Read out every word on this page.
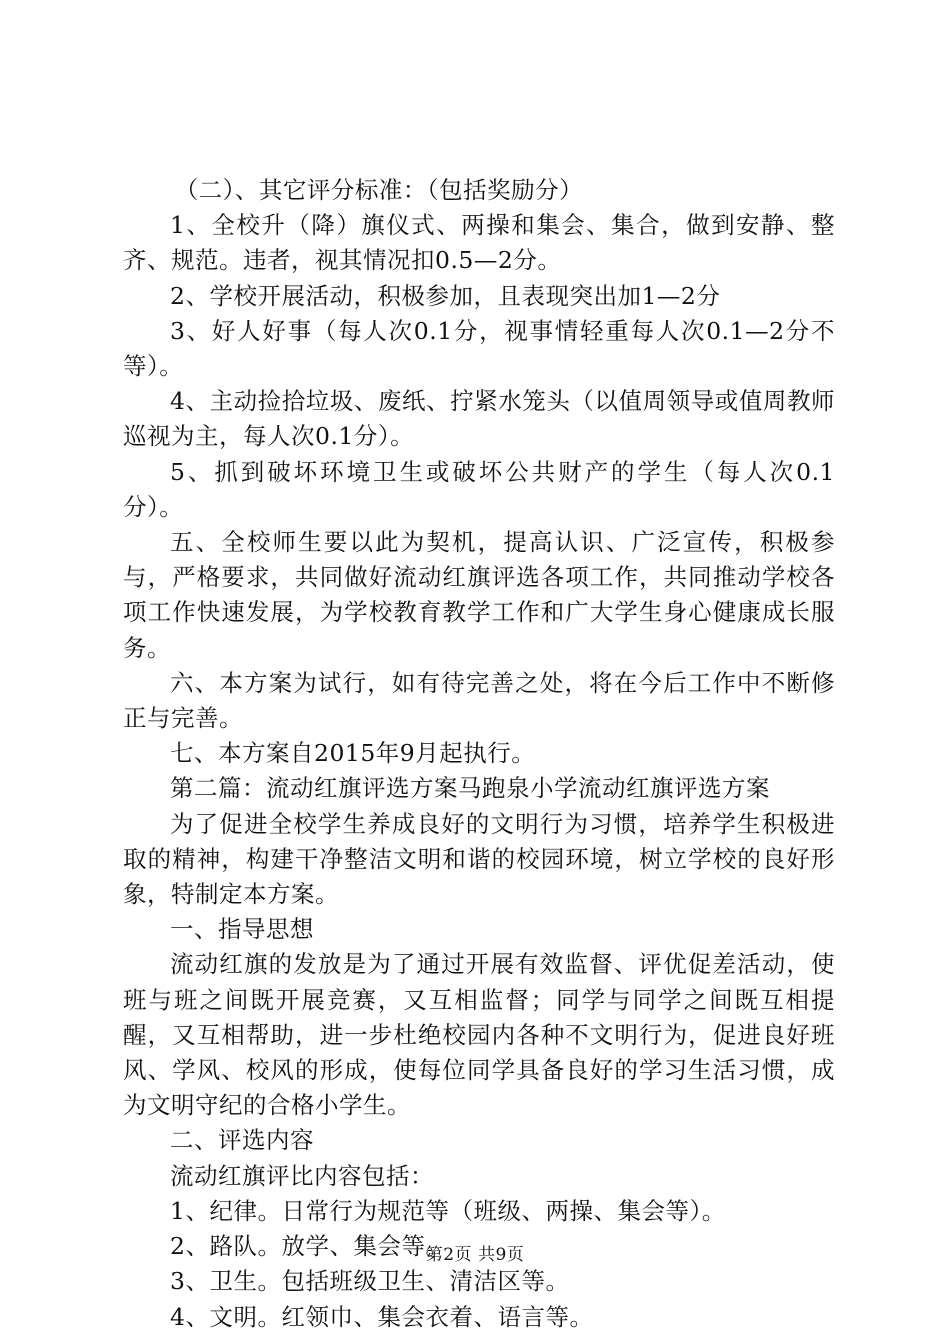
（二）、其它评分标准：（包括奖励分）

1、全校升（降）旗仪式、两操和集会、集合，做到安静、整齐、规范。违者，视其情况扣0.5—2分。

2、学校开展活动，积极参加，且表现突出加1—2分

3、好人好事（每人次0.1分，视事情轻重每人次0.1—2分不等）。

4、主动捡拾垃圾、废纸、拧紧水笼头（以值周领导或值周教师巡视为主，每人次0.1分）。

5、抓到破坏环境卫生或破坏公共财产的学生（每人次0.1分）。

五、全校师生要以此为契机，提高认识、广泛宣传，积极参与，严格要求，共同做好流动红旗评选各项工作，共同推动学校各项工作快速发展，为学校教育教学工作和广大学生身心健康成长服务。

六、本方案为试行，如有待完善之处，将在今后工作中不断修正与完善。

七、本方案自2015年9月起执行。

第二篇：流动红旗评选方案马跑泉小学流动红旗评选方案

为了促进全校学生养成良好的文明行为习惯，培养学生积极进取的精神，构建干净整洁文明和谐的校园环境，树立学校的良好形象，特制定本方案。

一、指导思想

流动红旗的发放是为了通过开展有效监督、评优促差活动，使班与班之间既开展竞赛，又互相监督；同学与同学之间既互相提醒，又互相帮助，进一步杜绝校园内各种不文明行为，促进良好班风、学风、校风的形成，使每位同学具备良好的学习生活习惯，成为文明守纪的合格小学生。

二、评选内容

流动红旗评比内容包括：

1、纪律。日常行为规范等（班级、两操、集会等）。

2、路队。放学、集会等。

3、卫生。包括班级卫生、清洁区等。

4、文明。红领巾、集会衣着、语言等。

第2页 共9页
